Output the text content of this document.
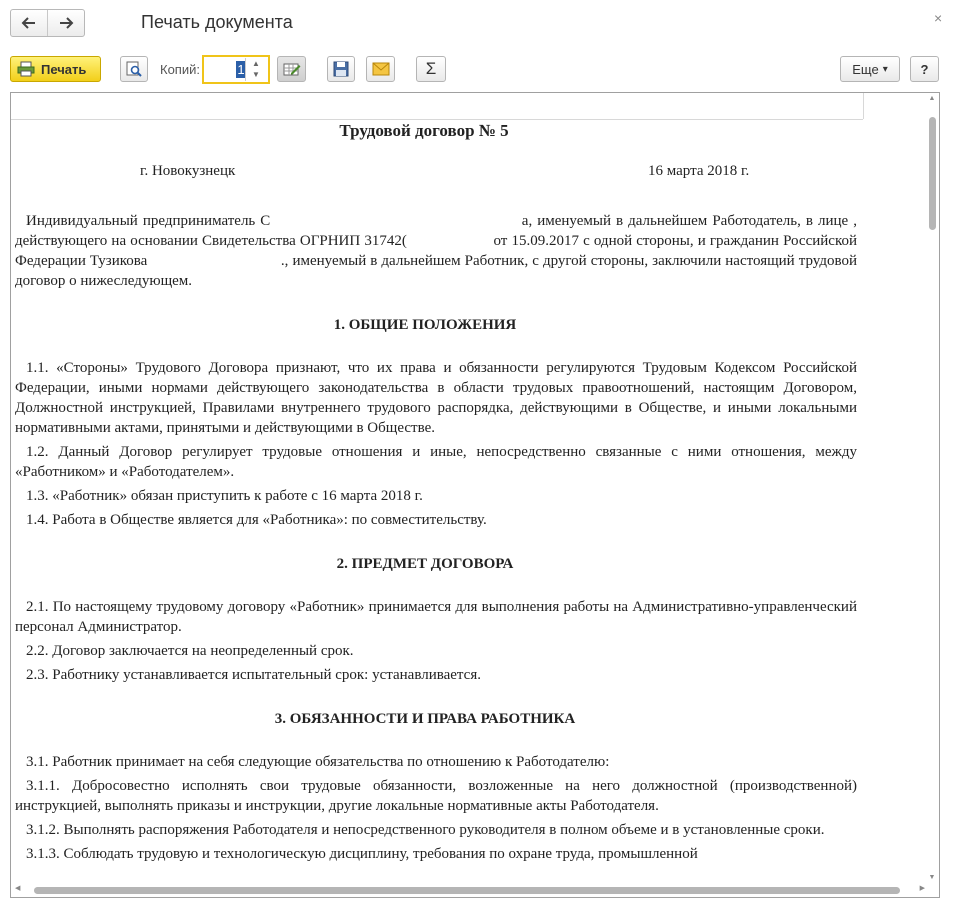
Печать документа	×
Печать	Копий:	1 ▲
▼	Σ	Еще ▾	?
Трудовой договор № 5
г. Новокузнецк	16 марта 2018 г.

Индивидуальный предприниматель С                                                  а, именуемый в дальнейшем Работодатель, в лице , действующего на основании Свидетельства ОГРНИП 31742(                     от 15.09.2017 с одной стороны, и гражданин Российской Федерации Тузикова                                 ., именуемый в дальнейшем Работник, с другой стороны, заключили настоящий трудовой договор о нижеследующем.

1. ОБЩИЕ ПОЛОЖЕНИЯ

1.1. «Стороны» Трудового Договора признают, что их права и обязанности регулируются Трудовым Кодексом Российской Федерации, иными нормами действующего законодательства в области трудовых правоотношений, настоящим Договором, Должностной инструкцией, Правилами внутреннего трудового распорядка, действующими в Обществе, и иными локальными нормативными актами, принятыми и действующими в Обществе.

1.2. Данный Договор регулирует трудовые отношения и иные, непосредственно связанные с ними отношения, между «Работником» и «Работодателем».

1.3. «Работник» обязан приступить к работе с 16 марта 2018 г.

1.4. Работа в Обществе является для «Работника»: по совместительству.

2. ПРЕДМЕТ ДОГОВОРА

2.1. По настоящему трудовому договору «Работник» принимается для выполнения работы на Административно-управленческий персонал Администратор.

2.2. Договор заключается на неопределенный срок.

2.3. Работнику устанавливается испытательный срок: устанавливается.

3. ОБЯЗАННОСТИ И ПРАВА РАБОТНИКА

3.1. Работник принимает на себя следующие обязательства по отношению к Работодателю:

3.1.1. Добросовестно исполнять свои трудовые обязанности, возложенные на него должностной (производственной) инструкцией, выполнять приказы и инструкции, другие локальные нормативные акты Работодателя.

3.1.2. Выполнять распоряжения Работодателя и непосредственного руководителя в полном объеме и в установленные сроки.

3.1.3. Соблюдать трудовую и технологическую дисциплину, требования по охране труда, промышленной

▲
▼
◀	▶
